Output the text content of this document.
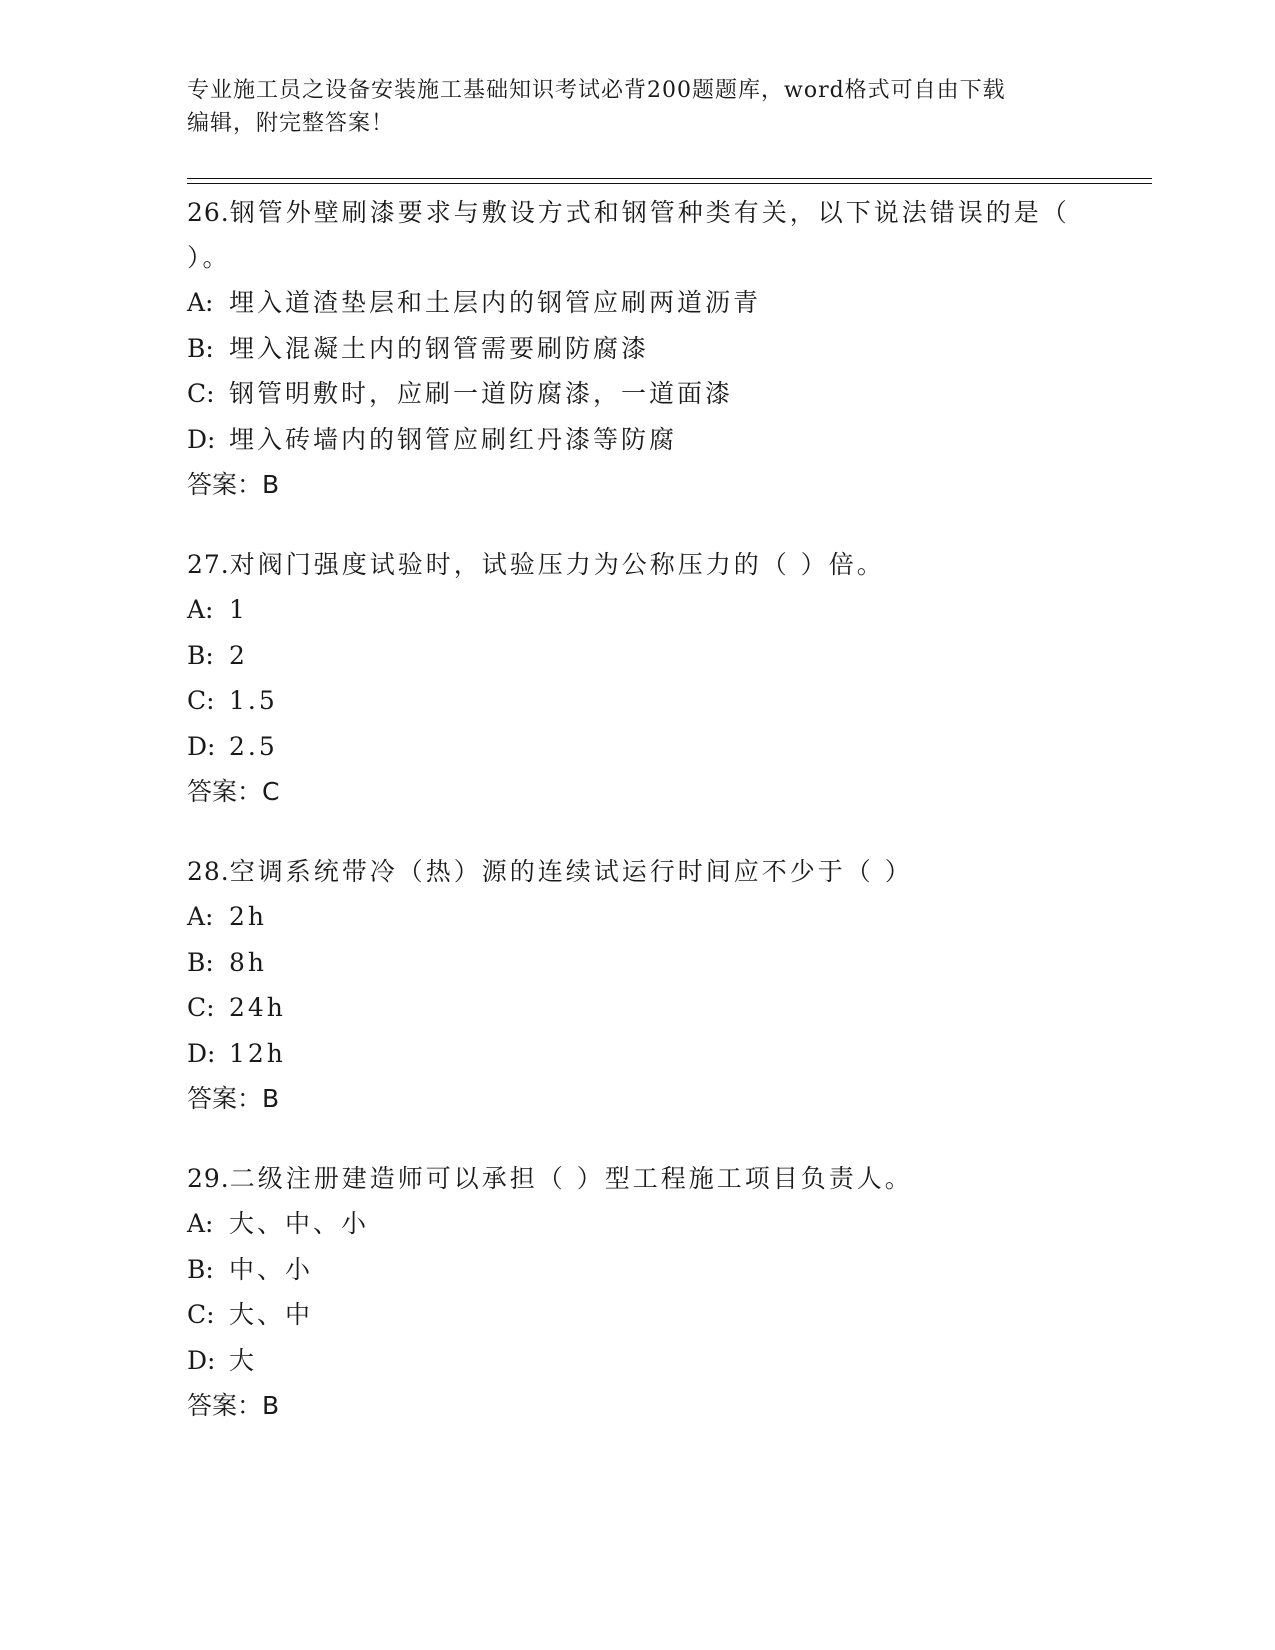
专业施工员之设备安装施工基础知识考试必背200题题库，word格式可自由下载
编辑，附完整答案！
26.钢管外壁刷漆要求与敷设方式和钢管种类有关，以下说法错误的是（ ）。
A: 埋入道渣垫层和土层内的钢管应刷两道沥青
B: 埋入混凝土内的钢管需要刷防腐漆
C: 钢管明敷时，应刷一道防腐漆，一道面漆
D: 埋入砖墙内的钢管应刷红丹漆等防腐
答案：B
27.对阀门强度试验时，试验压力为公称压力的（ ）倍。
A: 1
B: 2
C: 1.5
D: 2.5
答案：C
28.空调系统带冷（热）源的连续试运行时间应不少于（ ）
A: 2h
B: 8h
C: 24h
D: 12h
答案：B
29.二级注册建造师可以承担（ ）型工程施工项目负责人。
A: 大、中、小
B: 中、小
C: 大、中
D: 大
答案：B
